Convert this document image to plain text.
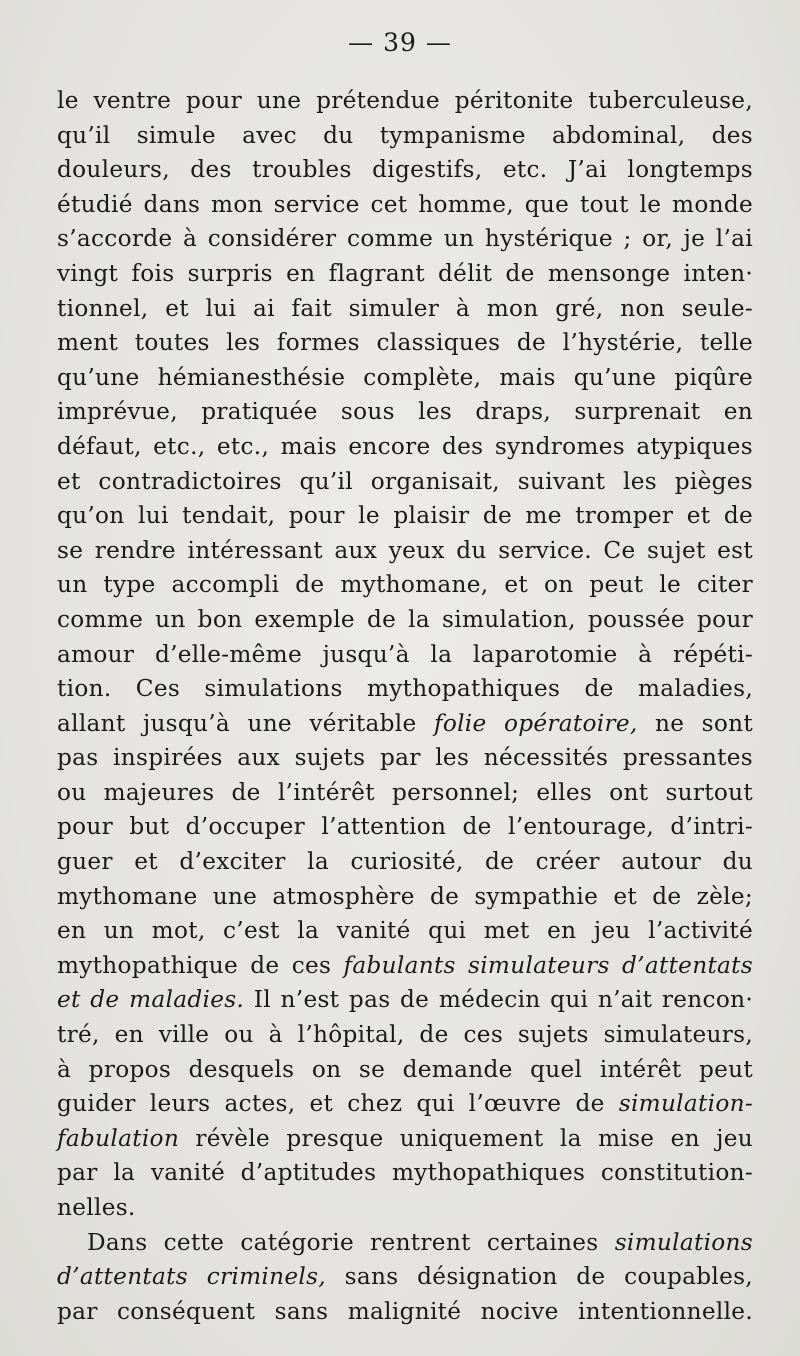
— 39 —
le ventre pour une prétendue péritonite tuberculeuse,
qu’il simule avec du tympanisme abdominal, des
douleurs, des troubles digestifs, etc. J’ai longtemps
étudié dans mon service cet homme, que tout le monde
s’accorde à considérer comme un hystérique ; or, je l’ai
vingt fois surpris en flagrant délit de mensonge inten·
tionnel, et lui ai fait simuler à mon gré, non seule-
ment toutes les formes classiques de l’hystérie, telle
qu’une hémianesthésie complète, mais qu’une piqûre
imprévue, pratiquée sous les draps, surprenait en
défaut, etc., etc., mais encore des syndromes atypiques
et contradictoires qu’il organisait, suivant les pièges
qu’on lui tendait, pour le plaisir de me tromper et de
se rendre intéressant aux yeux du service. Ce sujet est
un type accompli de mythomane, et on peut le citer
comme un bon exemple de la simulation, poussée pour
amour d’elle-même jusqu’à la laparotomie à répéti-
tion. Ces simulations mythopathiques de maladies,
allant jusqu’à une véritable folie opératoire, ne sont
pas inspirées aux sujets par les nécessités pressantes
ou majeures de l’intérêt personnel; elles ont surtout
pour but d’occuper l’attention de l’entourage, d’intri-
guer et d’exciter la curiosité, de créer autour du
mythomane une atmosphère de sympathie et de zèle;
en un mot, c’est la vanité qui met en jeu l’activité
mythopathique de ces fabulants simulateurs d’attentats
et de maladies. Il n’est pas de médecin qui n’ait rencon·
tré, en ville ou à l’hôpital, de ces sujets simulateurs,
à propos desquels on se demande quel intérêt peut
guider leurs actes, et chez qui l’œuvre de simulation-
fabulation révèle presque uniquement la mise en jeu
par la vanité d’aptitudes mythopathiques constitution-
nelles.
Dans cette catégorie rentrent certaines simulations
d’attentats criminels, sans désignation de coupables,
par conséquent sans malignité nocive intentionnelle.
